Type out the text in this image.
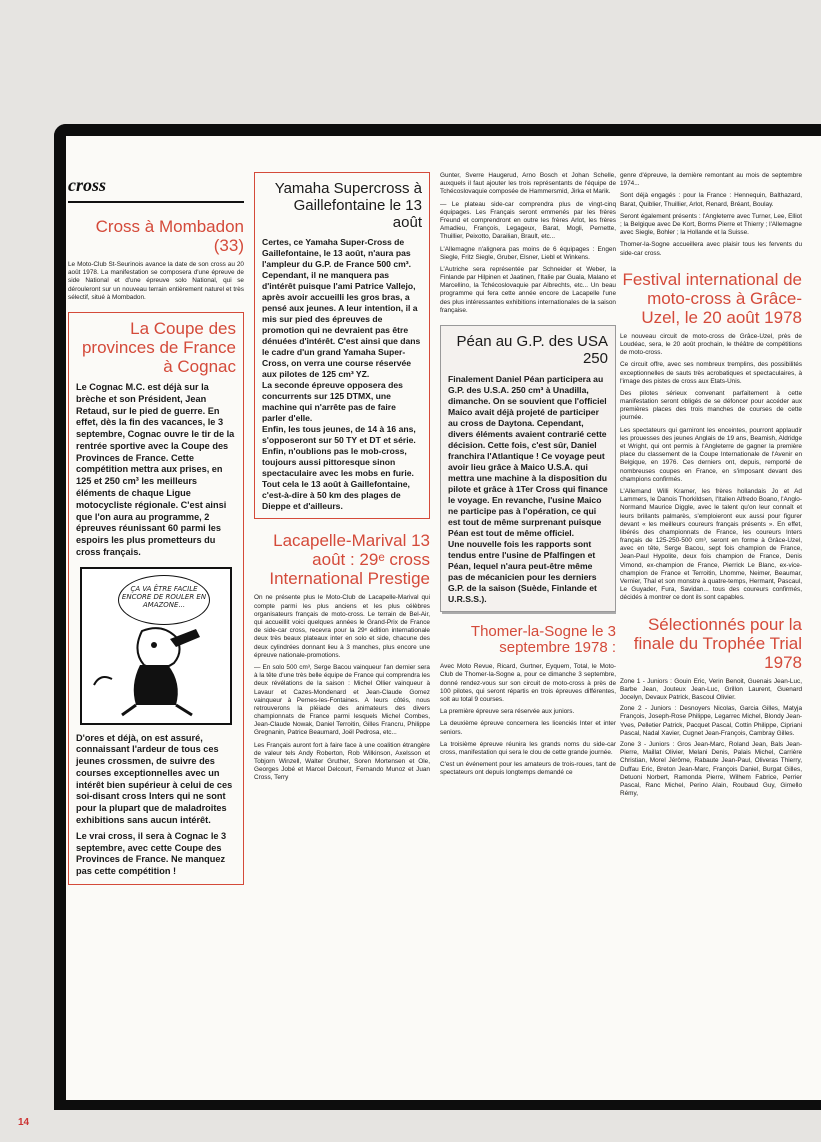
cross
Cross à Mombadon (33)

Le Moto-Club St-Seurinois avance la date de son cross au 20 août 1978. La manifestation se composera d'une épreuve de side National et d'une épreuve solo National, qui se dérouleront sur un nouveau terrain entièrement naturel et très sélectif, situé à Mombadon.

La Coupe des provinces de France à Cognac

Le Cognac M.C. est déjà sur la brèche et son Président, Jean Retaud, sur le pied de guerre. En effet, dès la fin des vacances, le 3 septembre, Cognac ouvre le tir de la rentrée sportive avec la Coupe des Provinces de France. Cette compétition mettra aux prises, en 125 et 250 cm³ les meilleurs éléments de chaque Ligue motocycliste régionale. C'est ainsi que l'on aura au programme, 2 épreuves réunissant 60 parmi les espoirs les plus prometteurs du cross français.

ÇA VA ÊTRE FACILE ENCORE DE ROULER EN AMAZONE...

D'ores et déjà, on est assuré, connaissant l'ardeur de tous ces jeunes crossmen, de suivre des courses exceptionnelles avec un intérêt bien supérieur à celui de ces soi-disant cross Inters qui ne sont pour la plupart que de maladroites exhibitions sans aucun intérêt.

Le vrai cross, il sera à Cognac le 3 septembre, avec cette Coupe des Provinces de France. Ne manquez pas cette compétition !

Yamaha Supercross à Gaillefontaine le 13 août

Certes, ce Yamaha Super-Cross de Gaillefontaine, le 13 août, n'aura pas l'ampleur du G.P. de France 500 cm³. Cependant, il ne manquera pas d'intérêt puisque l'ami Patrice Vallejo, après avoir accueilli les gros bras, a pensé aux jeunes. A leur intention, il a mis sur pied des épreuves de promotion qui ne devraient pas être dénuées d'intérêt. C'est ainsi que dans le cadre d'un grand Yamaha Super-Cross, on verra une course réservée aux pilotes de 125 cm³ YZ.

La seconde épreuve opposera des concurrents sur 125 DTMX, une machine qui n'arrête pas de faire parler d'elle.

Enfin, les tous jeunes, de 14 à 16 ans, s'opposeront sur 50 TY et DT et série. Enfin, n'oublions pas le mob-cross, toujours aussi pittoresque sinon spectaculaire avec les mobs en furie.

Tout cela le 13 août à Gaillefontaine, c'est-à-dire à 50 km des plages de Dieppe et d'ailleurs.

Lacapelle-Marival 13 août : 29ᵉ cross International Prestige

On ne présente plus le Moto-Club de Lacapelle-Marival qui compte parmi les plus anciens et les plus célèbres organisateurs français de moto-cross. Le terrain de Bel-Air, qui accueillit voici quelques années le Grand-Prix de France de side-car cross, recevra pour la 29ᵉ édition internationale deux très beaux plateaux inter en solo et side, chacune des deux cylindrées donnant lieu à 3 manches, plus encore une épreuve nationale-promotions.

— En solo 500 cm³, Serge Bacou vainqueur l'an dernier sera à la tête d'une très belle équipe de France qui comprendra les deux révélations de la saison : Michel Ollier vainqueur à Lavaur et Cazes-Mondenard et Jean-Claude Gomez vainqueur à Pernes-les-Fontaines. A leurs côtés, nous retrouverons la pléiade des animateurs des divers championnats de France parmi lesquels Michel Combes, Jean-Claude Nowak, Daniel Terroitin, Gilles Francru, Philippe Gregnanin, Patrice Beaumard, Joël Pedrosa, etc...

Les Français auront fort à faire face à une coalition étrangère de valeur tels Andy Roberton, Rob Wilkinson, Axelsson et Tobjorn Winzell, Walter Gruther, Soren Mortensen et Ole, Georges Jobé et Marcel Delcourt, Fernando Munoz et Juan Cross, Terry

Gunter, Sverre Haugerud, Arno Bosch et Johan Schelle, auxquels il faut ajouter les trois représentants de l'équipe de Tchécoslovaquie composée de Hammersmid, Jirka et Marik.

— Le plateau side-car comprendra plus de vingt-cinq équipages. Les Français seront emmenés par les frères Freund et comprendront en outre les frères Arlot, les frères Amadieu, François, Legageux, Barat, Mogli, Pernette, Thuillier, Peixotto, Darailian, Brault, etc...

L'Allemagne n'alignera pas moins de 6 équipages : Engen Siegle, Fritz Siegle, Gruber, Elsner, Liebl et Winkens.

L'Autriche sera représentée par Schneider et Weber, la Finlande par Hilpinen et Jaatinen, l'Italie par Guala, Malano et Marcellino, la Tchécoslovaquie par Albrechts, etc... Un beau programme qui fera cette année encore de Lacapelle l'une des plus intéressantes exhibitions internationales de la saison française.

Péan au G.P. des USA 250

Finalement Daniel Péan participera au G.P. des U.S.A. 250 cm³ à Unadilla, dimanche. On se souvient que l'officiel Maico avait déjà projeté de participer au cross de Daytona. Cependant, divers éléments avaient contrarié cette décision. Cette fois, c'est sûr, Daniel franchira l'Atlantique ! Ce voyage peut avoir lieu grâce à Maico U.S.A. qui mettra une machine à la disposition du pilote et grâce à 1Ter Cross qui finance le voyage. En revanche, l'usine Maico ne participe pas à l'opération, ce qui est tout de même surprenant puisque Péan est tout de même officiel.

Une nouvelle fois les rapports sont tendus entre l'usine de Pfalfingen et Péan, lequel n'aura peut-être même pas de mécanicien pour les derniers G.P. de la saison (Suède, Finlande et U.R.S.S.).

Thomer-la-Sogne le 3 septembre 1978 :

Avec Moto Revue, Ricard, Gurtner, Eyquem, Total, le Moto-Club de Thomer-la-Sogne a, pour ce dimanche 3 septembre, donné rendez-vous sur son circuit de moto-cross à près de 100 pilotes, qui seront répartis en trois épreuves différentes, soit au total 9 courses.

La première épreuve sera réservée aux juniors.

La deuxième épreuve concernera les licenciés Inter et inter seniors.

La troisième épreuve réunira les grands noms du side-car cross, manifestation qui sera le clou de cette grande journée.

C'est un événement pour les amateurs de trois-roues, tant de spectateurs ont depuis longtemps demandé ce

genre d'épreuve, la dernière remontant au mois de septembre 1974...

Sont déjà engagés : pour la France : Hennequin, Balthazard, Barat, Quiblier, Thuillier, Arlot, Renard, Bréant, Boulay.

Seront également présents : l'Angleterre avec Turner, Lee, Elliot ; la Belgique avec De Kort, Borms Pierre et Thierry ; l'Allemagne avec Siegle, Bohler ; la Hollande et la Suisse.

Thomer-la-Sogne accueillera avec plaisir tous les fervents du side-car cross.

Festival international de moto-cross à Grâce-Uzel, le 20 août 1978

Le nouveau circuit de moto-cross de Grâce-Uzel, près de Loudéac, sera, le 20 août prochain, le théâtre de compétitions de moto-cross.

Ce circuit offre, avec ses nombreux tremplins, des possibilités exceptionnelles de sauts très acrobatiques et spectaculaires, à l'image des pistes de cross aux Etats-Unis.

Des pilotes sérieux convenant parfaitement à cette manifestation seront obligés de se défoncer pour accéder aux premières places des trois manches de courses de cette journée.

Les spectateurs qui garniront les enceintes, pourront applaudir les prouesses des jeunes Anglais de 19 ans, Beamish, Aldridge et Wright, qui ont permis à l'Angleterre de gagner la première place du classement de la Coupe Internationale de l'Avenir en Belgique, en 1976. Ces derniers ont, depuis, remporté de nombreuses coupes en France, en s'imposant devant des champions confirmés.

L'Allemand Willi Kramer, les frères hollandais Jo et Ad Lammers, le Danois Thorkildsen, l'Italien Alfredo Boano, l'Anglo-Normand Maurice Diggle, avec le talent qu'on leur connaît et leurs brillants palmarès, s'emploieront eux aussi pour figurer devant « les meilleurs coureurs français présents ». En effet, libérés des championnats de France, les coureurs Inters français de 125-250-500 cm³, seront en forme à Grâce-Uzel, avec en tête, Serge Bacou, sept fois champion de France, Jean-Paul Hypolite, deux fois champion de France, Denis Vimond, ex-champion de France, Pierrick Le Blanc, ex-vice-champion de France et Terroitin, Lhomme, Neimer, Beaumar, Vernier, Thal et son monstre à quatre-temps, Hermant, Pascaul, Le Guyader, Fura, Savidan... tous des coureurs confirmés, décidés à montrer ce dont ils sont capables.

Sélectionnés pour la finale du Trophée Trial 1978

Zone 1 - Juniors : Gouin Eric, Verin Benoit, Guenais Jean-Luc, Barbe Jean, Jouteux Jean-Luc, Grillon Laurent, Guenard Jocelyn, Devaux Patrick, Bascoul Olivier.

Zone 2 - Juniors : Desnoyers Nicolas, Garcia Gilles, Matyja François, Joseph-Rose Philippe, Legarrec Michel, Blondy Jean-Yves, Pelletier Patrick, Pacquet Pascal, Cottin Philippe, Cipriani Pascal, Nadal Xavier, Cugnet Jean-François, Cambray Gilles.

Zone 3 - Juniors : Gros Jean-Marc, Roland Jean, Bals Jean-Pierre, Maillat Olivier, Melani Denis, Palais Michel, Carrière Christian, Morel Jérôme, Rabaute Jean-Paul, Oliveras Thierry, Duffau Eric, Breton Jean-Marc, François Daniel, Burgat Gilles, Detuoni Norbert, Ramonda Pierre, Wilhem Fabrice, Perrier Pascal, Ranc Michel, Perino Alain, Roubaud Guy, Gimello Rémy,

14
